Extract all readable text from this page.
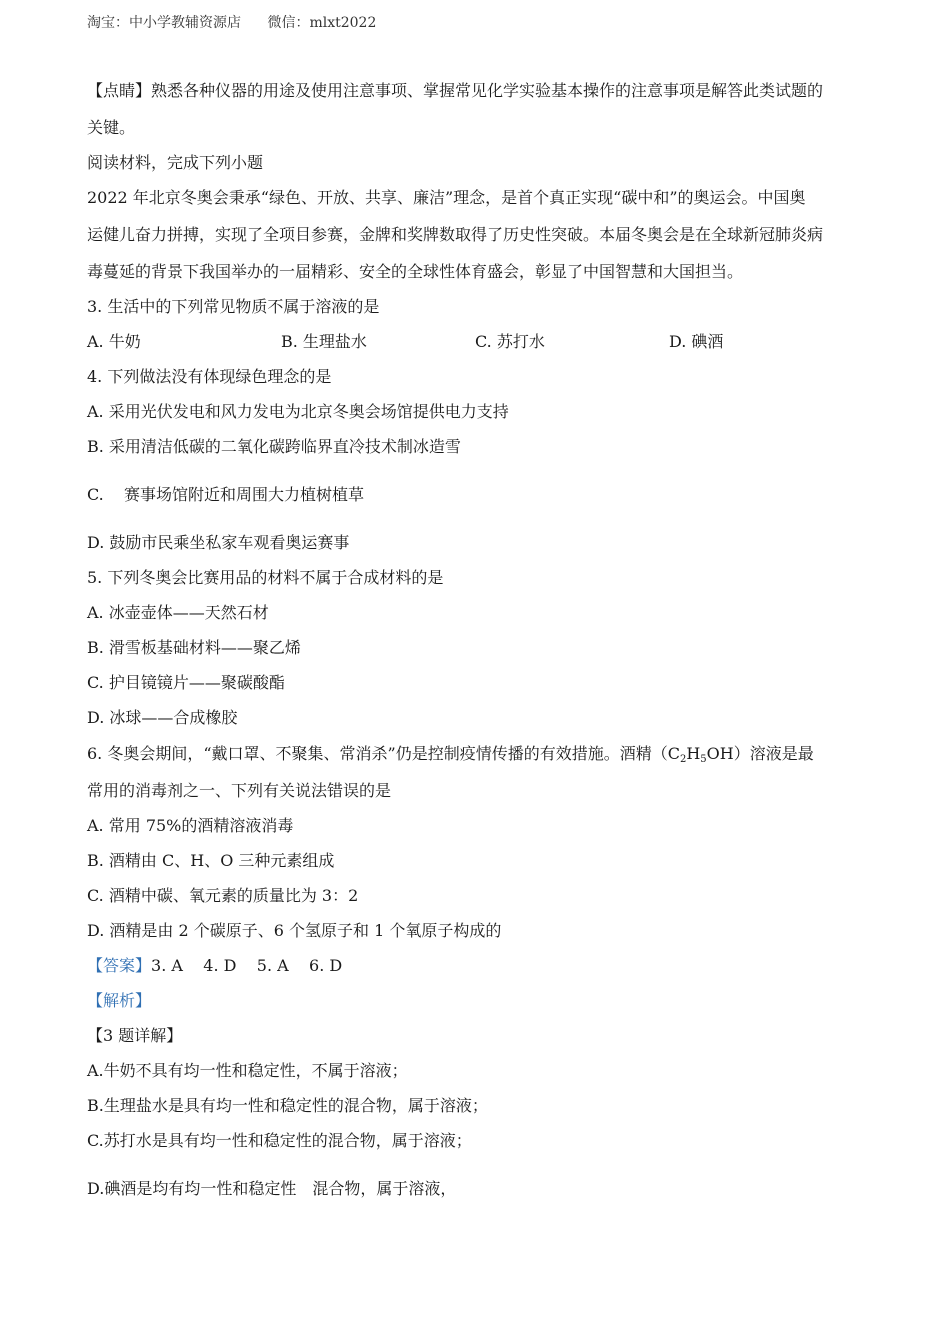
淘宝：中小学教辅资源店 微信：mlxt2022
【点睛】熟悉各种仪器的用途及使用注意事项、掌握常见化学实验基本操作的注意事项是解答此类试题的
关键。
阅读材料，完成下列小题
2022 年北京冬奥会秉承“绿色、开放、共享、廉洁”理念，是首个真正实现“碳中和”的奥运会。中国奥
运健儿奋力拼搏，实现了全项目参赛，金牌和奖牌数取得了历史性突破。本届冬奥会是在全球新冠肺炎病
毒蔓延的背景下我国举办的一届精彩、安全的全球性体育盛会，彰显了中国智慧和大国担当。
3. 生活中的下列常见物质不属于溶液的是
A. 牛奶	B. 生理盐水	C. 苏打水	D. 碘酒
4. 下列做法没有体现绿色理念的是
A. 采用光伏发电和风力发电为北京冬奥会场馆提供电力支持
B. 采用清洁低碳的二氧化碳跨临界直冷技术制冰造雪
C. 赛事场馆附近和周围大力植树植草
D. 鼓励市民乘坐私家车观看奥运赛事
5. 下列冬奥会比赛用品的材料不属于合成材料的是
A. 冰壶壶体——天然石材
B. 滑雪板基础材料——聚乙烯
C. 护目镜镜片——聚碳酸酯
D. 冰球——合成橡胶
6. 冬奥会期间，“戴口罩、不聚集、常消杀”仍是控制疫情传播的有效措施。酒精$(C_2H_5OH)$溶液是最
常用的消毒剂之一、下列有关说法错误的是
A. 常用 75%的酒精溶液消毒
B. 酒精由 C、H、O 三种元素组成
C. 酒精中碳、氧元素的质量比为 3：2
D. 酒精是由 2 个碳原子、6 个氢原子和 1 个氧原子构成的
【答案】3. A    4. D    5. A    6. D
【解析】
【3 题详解】
A.牛奶不具有均一性和稳定性，不属于溶液；
B.生理盐水是具有均一性和稳定性的混合物，属于溶液；
C.苏打水是具有均一性和稳定性的混合物，属于溶液；
D.碘酒是均有均一性和稳定性　混合物，属于溶液，
